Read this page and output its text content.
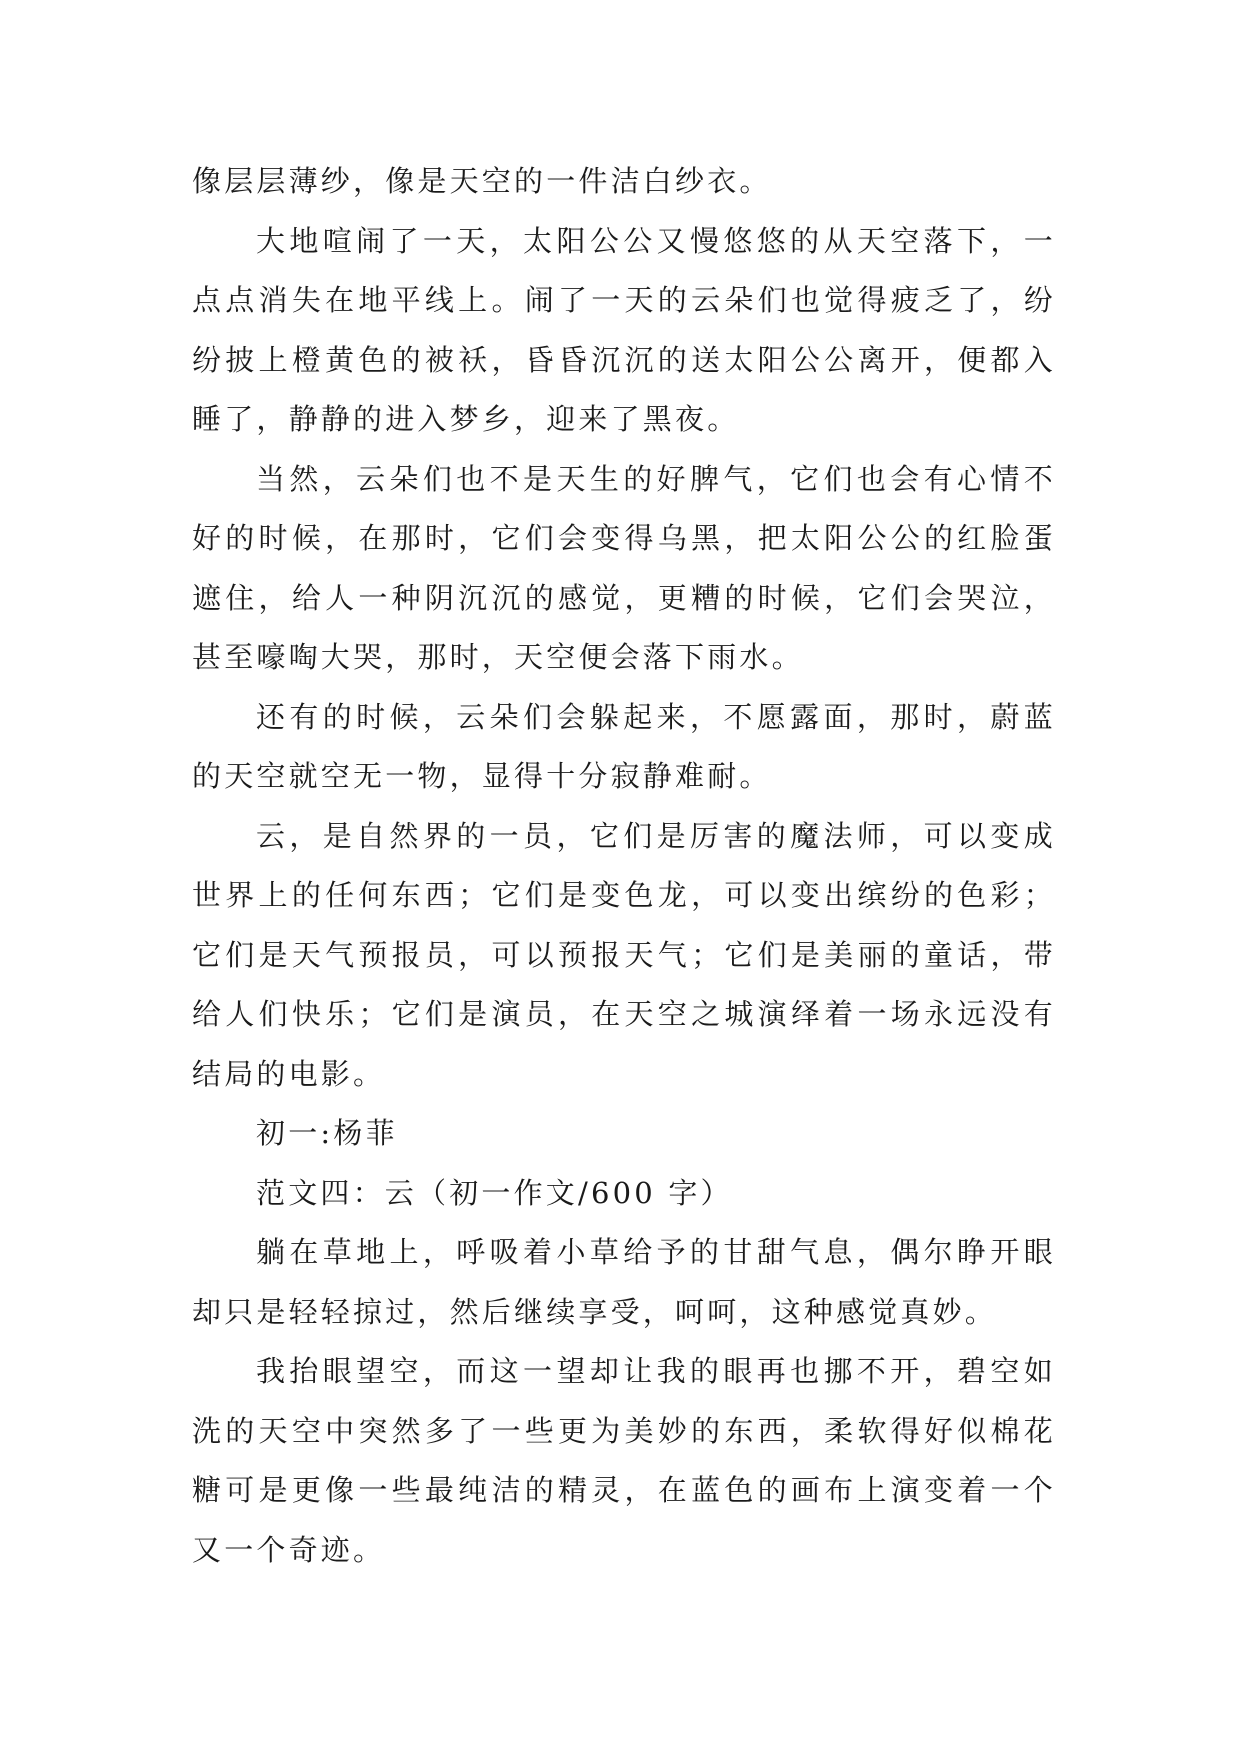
像层层薄纱，像是天空的一件洁白纱衣。

大地喧闹了一天，太阳公公又慢悠悠的从天空落下，一点点消失在地平线上。闹了一天的云朵们也觉得疲乏了，纷纷披上橙黄色的被袄，昏昏沉沉的送太阳公公离开，便都入睡了，静静的进入梦乡，迎来了黑夜。

当然，云朵们也不是天生的好脾气，它们也会有心情不好的时候，在那时，它们会变得乌黑，把太阳公公的红脸蛋遮住，给人一种阴沉沉的感觉，更糟的时候，它们会哭泣，甚至嚎啕大哭，那时，天空便会落下雨水。

还有的时候，云朵们会躲起来，不愿露面，那时，蔚蓝的天空就空无一物，显得十分寂静难耐。

云，是自然界的一员，它们是厉害的魔法师，可以变成世界上的任何东西；它们是变色龙，可以变出缤纷的色彩；它们是天气预报员，可以预报天气；它们是美丽的童话，带给人们快乐；它们是演员，在天空之城演绎着一场永远没有结局的电影。

初一:杨菲

范文四：云（初一作文/600 字）

躺在草地上，呼吸着小草给予的甘甜气息，偶尔睁开眼却只是轻轻掠过，然后继续享受，呵呵，这种感觉真妙。

我抬眼望空，而这一望却让我的眼再也挪不开，碧空如洗的天空中突然多了一些更为美妙的东西，柔软得好似棉花糖可是更像一些最纯洁的精灵，在蓝色的画布上演变着一个又一个奇迹。
